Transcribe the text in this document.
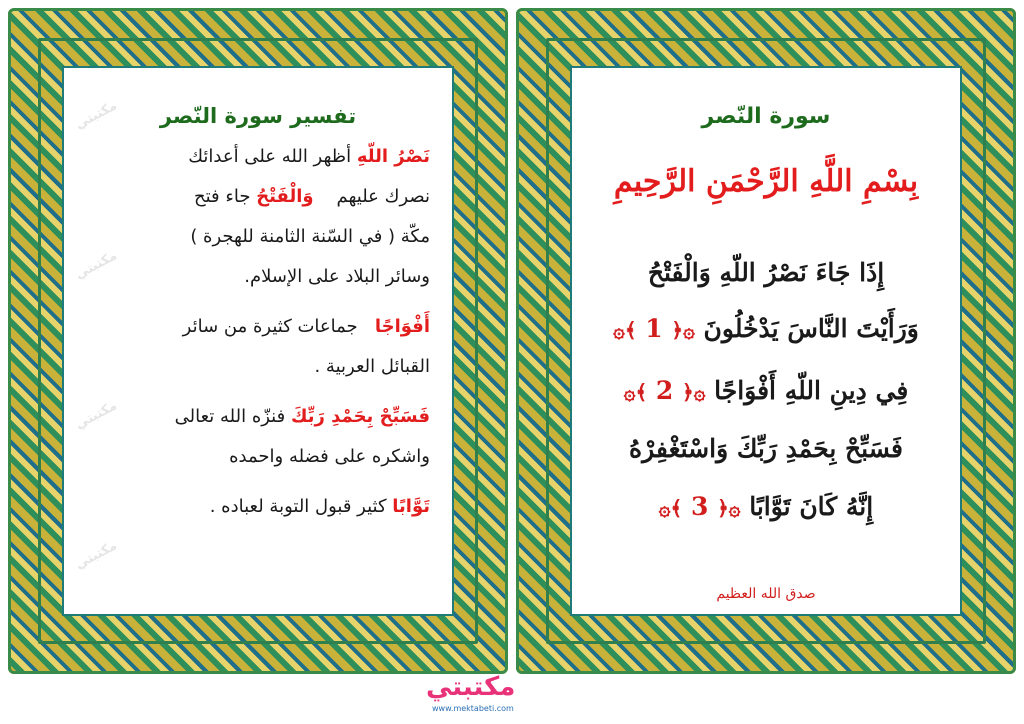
مكتبتي
مكتبتي
مكتبتي
مكتبتي
تفسير سورة النّصر
نَصْرُ اللّهِ أظهر الله على أعدائك
نصرك عليهم    وَالْفَتْحُ جاء فتح
مكّة ( في السّنة الثامنة للهجرة )
وسائر البلاد على الإسلام.
أَفْوَاجًا   جماعات كثيرة من سائر
القبائل العربية .
فَسَبِّحْ بِحَمْدِ رَبِّكَ فنزّه الله تعالى
واشكره على فضله واحمده
تَوَّابًا كثير قبول التوبة لعباده .
سورة النّصر
بِسْمِ اللَّهِ الرَّحْمَنِ الرَّحِيمِ
إِذَا جَاءَ نَصْرُ اللّهِ وَالْفَتْحُ
وَرَأَيْتَ النَّاسَ يَدْخُلُونَ ۞﴿ 1 ﴾۞
فِي دِينِ اللّهِ أَفْوَاجًا ۞﴿ 2 ﴾۞
فَسَبِّحْ بِحَمْدِ رَبِّكَ وَاسْتَغْفِرْهُ
إِنَّهُ كَانَ تَوَّابًا ۞﴿ 3 ﴾۞
صدق الله العظيم
مكتبتي
www.mektabeti.com
